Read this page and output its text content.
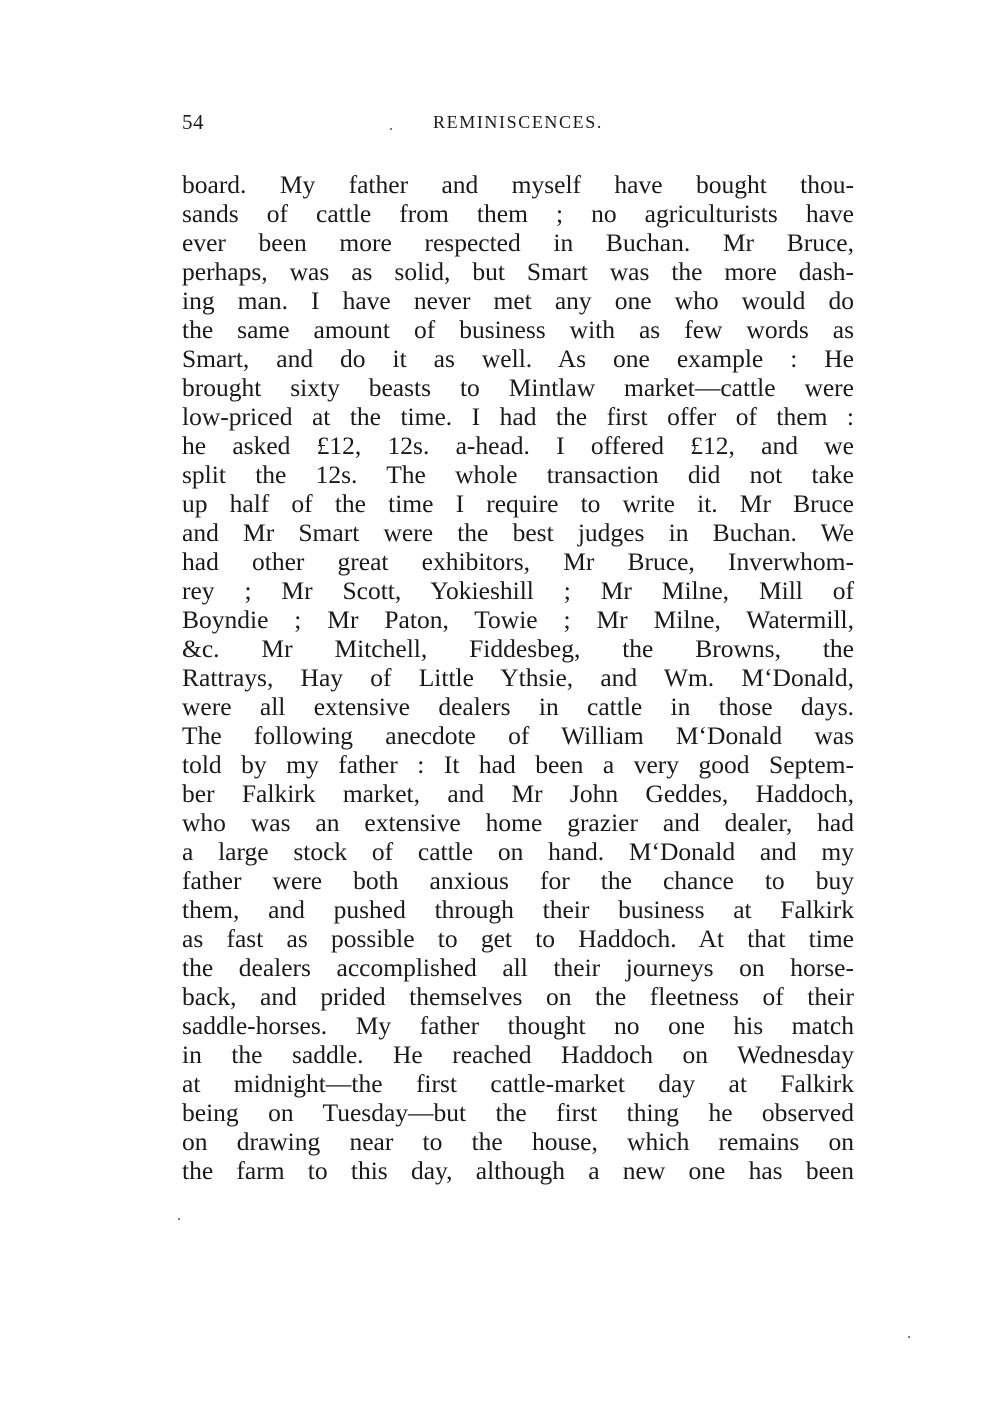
54	REMINISCENCES.
board. My father and myself have bought thou-
sands of cattle from them ; no agriculturists have
ever been more respected in Buchan. Mr Bruce,
perhaps, was as solid, but Smart was the more dash-
ing man. I have never met any one who would do
the same amount of business with as few words as
Smart, and do it as well. As one example : He
brought sixty beasts to Mintlaw market—cattle were
low-priced at the time. I had the first offer of them :
he asked £12, 12s. a-head. I offered £12, and we
split the 12s. The whole transaction did not take
up half of the time I require to write it. Mr Bruce
and Mr Smart were the best judges in Buchan. We
had other great exhibitors, Mr Bruce, Inverwhom-
rey ; Mr Scott, Yokieshill ; Mr Milne, Mill of
Boyndie ; Mr Paton, Towie ; Mr Milne, Watermill,
&c. Mr Mitchell, Fiddesbeg, the Browns, the
Rattrays, Hay of Little Ythsie, and Wm. M‘Donald,
were all extensive dealers in cattle in those days.
The following anecdote of William M‘Donald was
told by my father : It had been a very good Septem-
ber Falkirk market, and Mr John Geddes, Haddoch,
who was an extensive home grazier and dealer, had
a large stock of cattle on hand. M‘Donald and my
father were both anxious for the chance to buy
them, and pushed through their business at Falkirk
as fast as possible to get to Haddoch. At that time
the dealers accomplished all their journeys on horse-
back, and prided themselves on the fleetness of their
saddle-horses. My father thought no one his match
in the saddle. He reached Haddoch on Wednesday
at midnight—the first cattle-market day at Falkirk
being on Tuesday—but the first thing he observed
on drawing near to the house, which remains on
the farm to this day, although a new one has been
